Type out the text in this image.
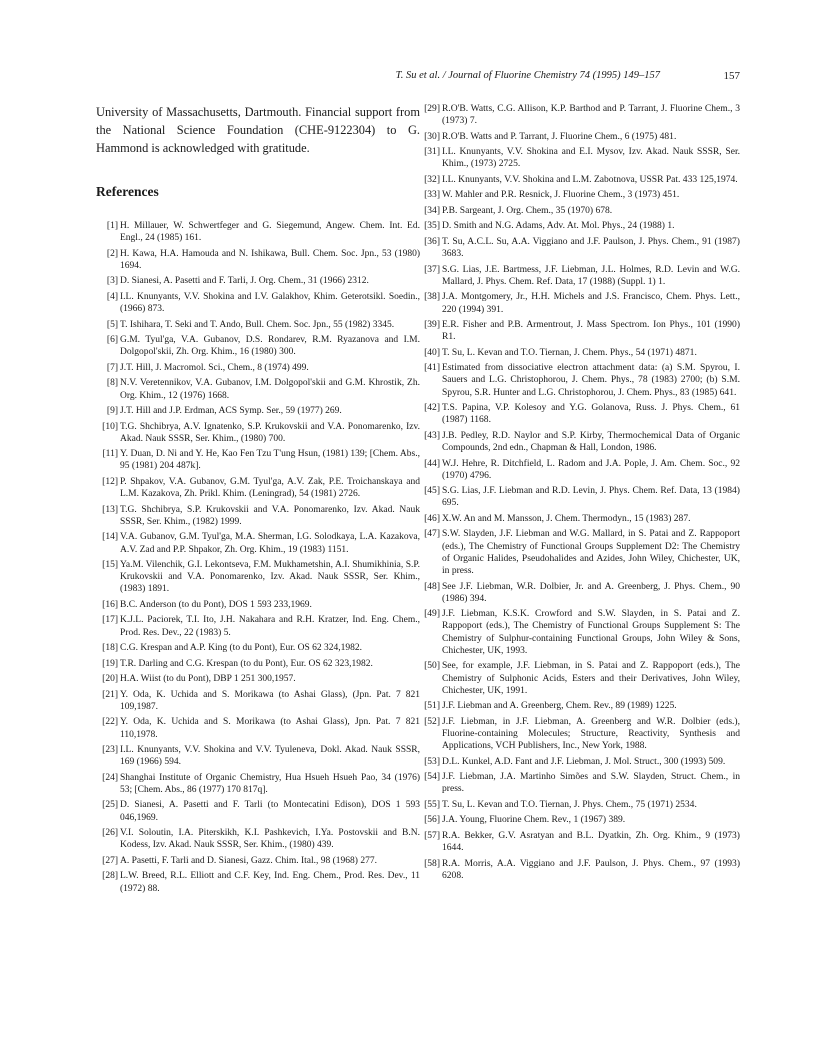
T. Su et al. / Journal of Fluorine Chemistry 74 (1995) 149–157	157

University of Massachusetts, Dartmouth. Financial support from the National Science Foundation (CHE-9122304) to G. Hammond is acknowledged with gratitude.

References
[1] H. Millauer, W. Schwertfeger and G. Siegemund, Angew. Chem. Int. Ed. Engl., 24 (1985) 161.
[2] H. Kawa, H.A. Hamouda and N. Ishikawa, Bull. Chem. Soc. Jpn., 53 (1980) 1694.
[3] D. Sianesi, A. Pasetti and F. Tarli, J. Org. Chem., 31 (1966) 2312.
[4] I.L. Knunyants, V.V. Shokina and I.V. Galakhov, Khim. Geterotsikl. Soedin., (1966) 873.
[5] T. Ishihara, T. Seki and T. Ando, Bull. Chem. Soc. Jpn., 55 (1982) 3345.
[6] G.M. Tyul'ga, V.A. Gubanov, D.S. Rondarev, R.M. Ryazanova and I.M. Dolgopol'skii, Zh. Org. Khim., 16 (1980) 300.
[7] J.T. Hill, J. Macromol. Sci., Chem., 8 (1974) 499.
[8] N.V. Veretennikov, V.A. Gubanov, I.M. Dolgopol'skii and G.M. Khrostik, Zh. Org. Khim., 12 (1976) 1668.
[9] J.T. Hill and J.P. Erdman, ACS Symp. Ser., 59 (1977) 269.
[10] T.G. Shchibrya, A.V. Ignatenko, S.P. Krukovskii and V.A. Ponomarenko, Izv. Akad. Nauk SSSR, Ser. Khim., (1980) 700.
[11] Y. Duan, D. Ni and Y. He, Kao Fen Tzu T'ung Hsun, (1981) 139; [Chem. Abs., 95 (1981) 204 487k].
[12] P. Shpakov, V.A. Gubanov, G.M. Tyul'ga, A.V. Zak, P.E. Troichanskaya and L.M. Kazakova, Zh. Prikl. Khim. (Leningrad), 54 (1981) 2726.
[13] T.G. Shchibrya, S.P. Krukovskii and V.A. Ponomarenko, Izv. Akad. Nauk SSSR, Ser. Khim., (1982) 1999.
[14] V.A. Gubanov, G.M. Tyul'ga, M.A. Sherman, I.G. Solodkaya, L.A. Kazakova, A.V. Zad and P.P. Shpakor, Zh. Org. Khim., 19 (1983) 1151.
[15] Ya.M. Vilenchik, G.I. Lekontseva, F.M. Mukhametshin, A.I. Shumikhinia, S.P. Krukovskii and V.A. Ponomarenko, Izv. Akad. Nauk SSSR, Ser. Khim., (1983) 1891.
[16] B.C. Anderson (to du Pont), DOS 1 593 233,1969.
[17] K.J.L. Paciorek, T.I. Ito, J.H. Nakahara and R.H. Kratzer, Ind. Eng. Chem., Prod. Res. Dev., 22 (1983) 5.
[18] C.G. Krespan and A.P. King (to du Pont), Eur. OS 62 324,1982.
[19] T.R. Darling and C.G. Krespan (to du Pont), Eur. OS 62 323,1982.
[20] H.A. Wiist (to du Pont), DBP 1 251 300,1957.
[21] Y. Oda, K. Uchida and S. Morikawa (to Ashai Glass), (Jpn. Pat. 7 821 109,1987.
[22] Y. Oda, K. Uchida and S. Morikawa (to Ashai Glass), Jpn. Pat. 7 821 110,1978.
[23] I.L. Knunyants, V.V. Shokina and V.V. Tyuleneva, Dokl. Akad. Nauk SSSR, 169 (1966) 594.
[24] Shanghai Institute of Organic Chemistry, Hua Hsueh Hsueh Pao, 34 (1976) 53; [Chem. Abs., 86 (1977) 170 817q].
[25] D. Sianesi, A. Pasetti and F. Tarli (to Montecatini Edison), DOS 1 593 046,1969.
[26] V.I. Soloutin, I.A. Piterskikh, K.I. Pashkevich, I.Ya. Postovskii and B.N. Kodess, Izv. Akad. Nauk SSSR, Ser. Khim., (1980) 439.
[27] A. Pasetti, F. Tarli and D. Sianesi, Gazz. Chim. Ital., 98 (1968) 277.
[28] L.W. Breed, R.L. Elliott and C.F. Key, Ind. Eng. Chem., Prod. Res. Dev., 11 (1972) 88.
[29] R.O'B. Watts, C.G. Allison, K.P. Barthod and P. Tarrant, J. Fluorine Chem., 3 (1973) 7.
[30] R.O'B. Watts and P. Tarrant, J. Fluorine Chem., 6 (1975) 481.
[31] I.L. Knunyants, V.V. Shokina and E.I. Mysov, Izv. Akad. Nauk SSSR, Ser. Khim., (1973) 2725.
[32] I.L. Knunyants, V.V. Shokina and L.M. Zabotnova, USSR Pat. 433 125,1974.
[33] W. Mahler and P.R. Resnick, J. Fluorine Chem., 3 (1973) 451.
[34] P.B. Sargeant, J. Org. Chem., 35 (1970) 678.
[35] D. Smith and N.G. Adams, Adv. At. Mol. Phys., 24 (1988) 1.
[36] T. Su, A.C.L. Su, A.A. Viggiano and J.F. Paulson, J. Phys. Chem., 91 (1987) 3683.
[37] S.G. Lias, J.E. Bartmess, J.F. Liebman, J.L. Holmes, R.D. Levin and W.G. Mallard, J. Phys. Chem. Ref. Data, 17 (1988) (Suppl. 1) 1.
[38] J.A. Montgomery, Jr., H.H. Michels and J.S. Francisco, Chem. Phys. Lett., 220 (1994) 391.
[39] E.R. Fisher and P.B. Armentrout, J. Mass Spectrom. Ion Phys., 101 (1990) R1.
[40] T. Su, L. Kevan and T.O. Tiernan, J. Chem. Phys., 54 (1971) 4871.
[41] Estimated from dissociative electron attachment data: (a) S.M. Spyrou, I. Sauers and L.G. Christophorou, J. Chem. Phys., 78 (1983) 2700; (b) S.M. Spyrou, S.R. Hunter and L.G. Christophorou, J. Chem. Phys., 83 (1985) 641.
[42] T.S. Papina, V.P. Kolesoy and Y.G. Golanova, Russ. J. Phys. Chem., 61 (1987) 1168.
[43] J.B. Pedley, R.D. Naylor and S.P. Kirby, Thermochemical Data of Organic Compounds, 2nd edn., Chapman & Hall, London, 1986.
[44] W.J. Hehre, R. Ditchfield, L. Radom and J.A. Pople, J. Am. Chem. Soc., 92 (1970) 4796.
[45] S.G. Lias, J.F. Liebman and R.D. Levin, J. Phys. Chem. Ref. Data, 13 (1984) 695.
[46] X.W. An and M. Mansson, J. Chem. Thermodyn., 15 (1983) 287.
[47] S.W. Slayden, J.F. Liebman and W.G. Mallard, in S. Patai and Z. Rappoport (eds.), The Chemistry of Functional Groups Supplement D2: The Chemistry of Organic Halides, Pseudohalides and Azides, John Wiley, Chichester, UK, in press.
[48] See J.F. Liebman, W.R. Dolbier, Jr. and A. Greenberg, J. Phys. Chem., 90 (1986) 394.
[49] J.F. Liebman, K.S.K. Crowford and S.W. Slayden, in S. Patai and Z. Rappoport (eds.), The Chemistry of Functional Groups Supplement S: The Chemistry of Sulphur-containing Functional Groups, John Wiley & Sons, Chichester, UK, 1993.
[50] See, for example, J.F. Liebman, in S. Patai and Z. Rappoport (eds.), The Chemistry of Sulphonic Acids, Esters and their Derivatives, John Wiley, Chichester, UK, 1991.
[51] J.F. Liebman and A. Greenberg, Chem. Rev., 89 (1989) 1225.
[52] J.F. Liebman, in J.F. Liebman, A. Greenberg and W.R. Dolbier (eds.), Fluorine-containing Molecules; Structure, Reactivity, Synthesis and Applications, VCH Publishers, Inc., New York, 1988.
[53] D.L. Kunkel, A.D. Fant and J.F. Liebman, J. Mol. Struct., 300 (1993) 509.
[54] J.F. Liebman, J.A. Martinho Simões and S.W. Slayden, Struct. Chem., in press.
[55] T. Su, L. Kevan and T.O. Tiernan, J. Phys. Chem., 75 (1971) 2534.
[56] J.A. Young, Fluorine Chem. Rev., 1 (1967) 389.
[57] R.A. Bekker, G.V. Asratyan and B.L. Dyatkin, Zh. Org. Khim., 9 (1973) 1644.
[58] R.A. Morris, A.A. Viggiano and J.F. Paulson, J. Phys. Chem., 97 (1993) 6208.
